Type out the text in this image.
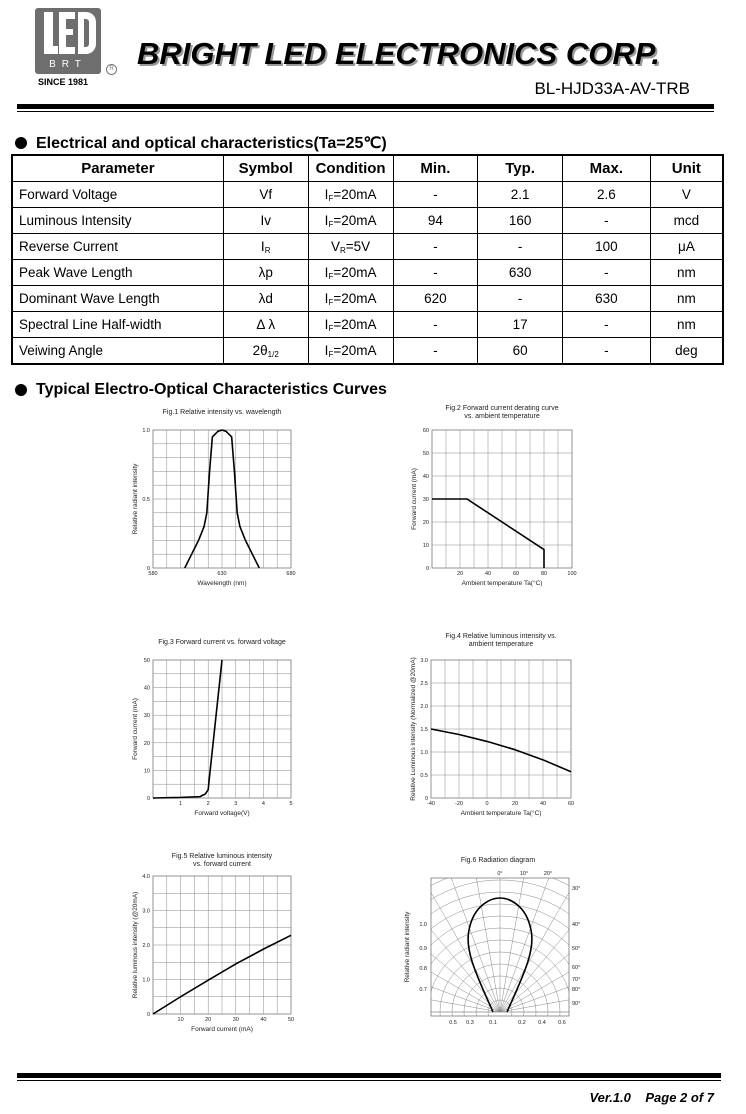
BRT	R
SINCE 1981
BRIGHT LED ELECTRONICS CORP.
BL-HJD33A-AV-TRB
Electrical and optical characteristics(Ta=25℃)
Parameter	Symbol	Condition	Min.	Typ.	Max.	Unit
Forward Voltage	Vf	$I_F=20mA$	-	2.1	2.6	V
Luminous Intensity	Iv	$I_F=20mA$	94	160	-	mcd
Reverse Current	$I_R$	$V_R=5V$	-	-	100	μA
Peak Wave Length	λp	$I_F=20mA$	-	630	-	nm
Dominant Wave Length	λd	$I_F=20mA$	620	-	630	nm
Spectral Line Half-width	Δ λ	$I_F=20mA$	-	17	-	nm
Veiwing Angle	$2\theta_{1/2}$	$I_F=20mA$	-	60	-	deg
Typical Electro-Optical Characteristics Curves
Fig.1 Relative intensity vs. wavelength
0
0.5
1.0
580	630	680
Wavelength (nm)
Relative radiant intensity
Fig.2 Forward current derating curve
vs. ambient temperature
0
10
20
30
40
50
60
20	40	60	80	100
Ambient temperature Ta(°C)
Forward current (mA)
Fig.3 Forward current vs. forward voltage
0
10
20
30
40
50
1	2	3	4	5
Forward voltage(V)
Forward current (mA)
Fig.4 Relative luminous intensity vs.
ambient temperature
0
0.5
1.0
1.5
2.0
2.5
3.0
-40	-20	0	20	40	60
Ambient temperature Ta(°C)
Relative Luminous intensity (Normalized @20mA)
Fig.5 Relative luminous intensity
vs. forward current
0
1.0
2.0
3.0
4.0
10	20	30	40	50
Forward current (mA)
Relative luminous intensity (@20mA)
Fig.6 Radiation diagram
0°	10°	20°
30°
40°
50°
60°
70°
80°
90°
1.0
0.9
0.8
0.7
0.5 0.3	0.1	0.2 0.4 0.6
Relative radiant intensity
Ver.1.0 Page 2 of 7
